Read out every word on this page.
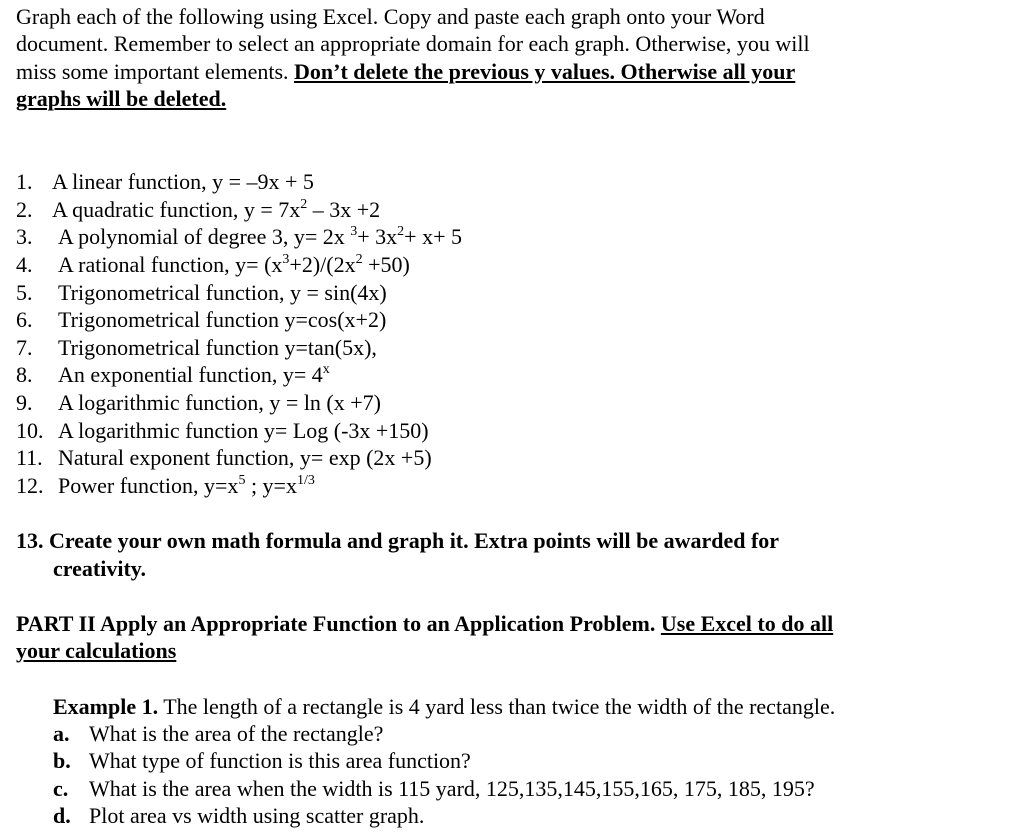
Graph each of the following using Excel. Copy and paste each graph onto your Word
document. Remember to select an appropriate domain for each graph. Otherwise, you will
miss some important elements. Don’t delete the previous y values. Otherwise all your
graphs will be deleted.
1. A linear function, y = –9x + 5
2. A quadratic function, $y = 7x^2 - 3x +2$
3. A polynomial of degree 3, y= 2x $^3+ 3x^2+ x+ 5$
4. A rational function, $y= (x^3+2)/(2x^2 +50)$
5. Trigonometrical function, y = sin(4x)
6. Trigonometrical function y=cos(x+2)
7. Trigonometrical function y=tan(5x),
8. An exponential function, $y= 4^x$
9. A logarithmic function, y = ln (x +7)
10. A logarithmic function y= Log (-3x +150)
11. Natural exponent function, y= exp (2x +5)
12. Power function, $y=x^5$ ; $y=x^{1/3}$
13. Create your own math formula and graph it. Extra points will be awarded for
creativity.
PART II Apply an Appropriate Function to an Application Problem. Use Excel to do all
your calculations
Example 1. The length of a rectangle is 4 yard less than twice the width of the rectangle.
a. What is the area of the rectangle?
b. What type of function is this area function?
c. What is the area when the width is 115 yard, 125,135,145,155,165, 175, 185, 195?
d. Plot area vs width using scatter graph.
